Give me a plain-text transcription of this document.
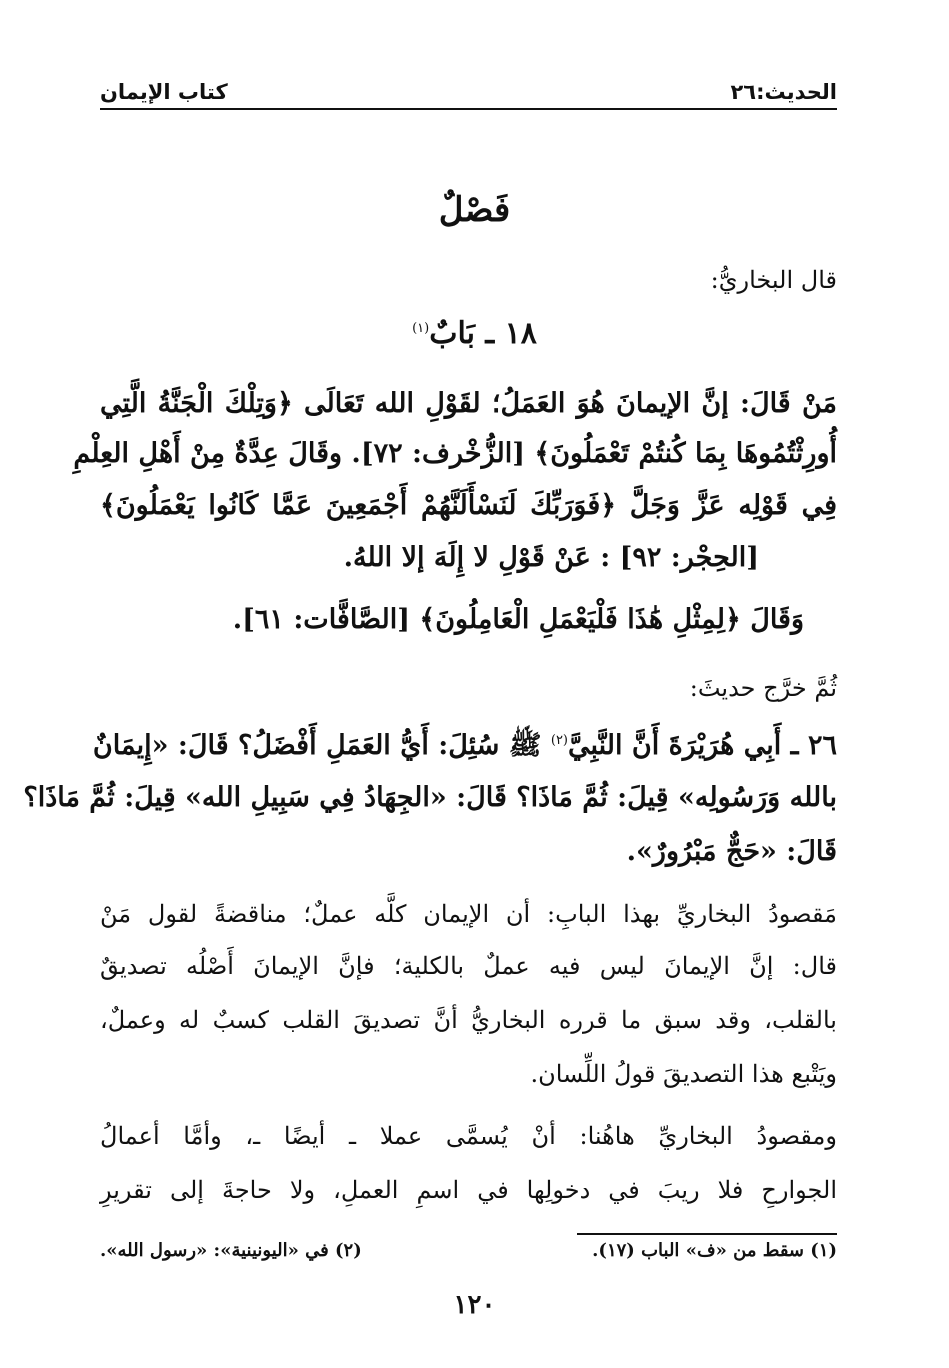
الحديث:٢٦
كتاب الإيمان
فَصْلٌ
قال البخاريُّ:
١٨ ـ بَابٌ$^{(١)}$
مَنْ قَالَ: إنَّ الإيمانَ هُوَ العَمَلُ؛ لقَوْلِ الله تَعَالَى ﴿وَتِلْكَ الْجَنَّةُ الَّتِي
أُورِثْتُمُوهَا بِمَا كُنتُمْ تَعْمَلُونَ﴾ [الزُّخْرف: ٧٢]. وقَالَ عِدَّةٌ مِنْ أَهْلِ العِلْمِ
فِي قَوْلِه عَزَّ وَجَلَّ ﴿فَوَرَبِّكَ لَنَسْأَلَنَّهُمْ أَجْمَعِينَ عَمَّا كَانُوا يَعْمَلُونَ﴾
[الحِجْر: ٩٢] : عَنْ قَوْلِ لا إِلَهَ إلا اللهُ.
وَقَالَ ﴿لِمِثْلِ هَٰذَا فَلْيَعْمَلِ الْعَامِلُونَ﴾ [الصَّافَّات: ٦١].
ثُمَّ خرَّج حديثَ:
٢٦ ـ أَبِي هُرَيْرَةَ أَنَّ النَّبِيَّ$^{(٢)}$ ﷺ سُئِلَ: أَيُّ العَمَلِ أَفْضَلُ؟ قَالَ: «إِيمَانٌ
بالله وَرَسُولِه» قِيلَ: ثُمَّ مَاذَا؟ قَالَ: «الجِهَادُ فِي سَبِيلِ الله» قِيلَ: ثُمَّ مَاذَا؟
قَالَ: «حَجٌّ مَبْرُورٌ».
مَقصودُ البخاريِّ بهذا البابِ: أن الإيمان كلَّه عملٌ؛ مناقضةً لقول مَنْ
قال: إنَّ الإيمانَ ليس فيه عملٌ بالكلية؛ فإنَّ الإيمانَ أَصْلُه تصديقٌ
بالقلب، وقد سبق ما قرره البخاريُّ أنَّ تصديقَ القلب كسبٌ له وعملٌ،
ويَتْبع هذا التصديقَ قولُ اللِّسان.
ومقصودُ البخاريِّ هاهُنا: أنْ يُسمَّى عملا ـ أيضًا ـ، وأمَّا أعمالُ
الجوارحِ فلا ريبَ في دخولِها في اسمِ العملِ، ولا حاجةَ إلى تقريرِ
(١) سقط من «ف» الباب (١٧).
(٢) في «اليونينية»: «رسول الله».
١٢٠
